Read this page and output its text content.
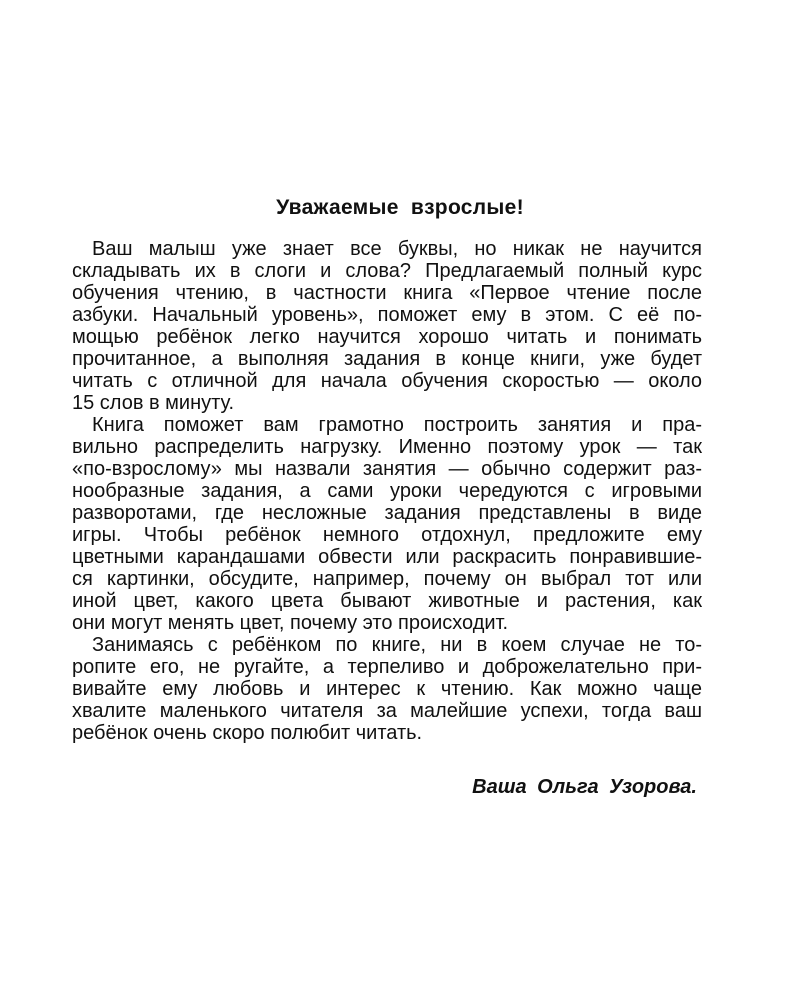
Уважаемые взрослые!
Ваш малыш уже знает все буквы, но никак не научится
складывать их в слоги и слова? Предлагаемый полный курс
обучения чтению, в частности книга «Первое чтение после
азбуки. Начальный уровень», поможет ему в этом. С её по-
мощью ребёнок легко научится хорошо читать и понимать
прочитанное, а выполняя задания в конце книги, уже будет
читать с отличной для начала обучения скоростью — около
15 слов в минуту.
Книга поможет вам грамотно построить занятия и пра-
вильно распределить нагрузку. Именно поэтому урок — так
«по-взрослому» мы назвали занятия — обычно содержит раз-
нообразные задания, а сами уроки чередуются с игровыми
разворотами, где несложные задания представлены в виде
игры. Чтобы ребёнок немного отдохнул, предложите ему
цветными карандашами обвести или раскрасить понравившие-
ся картинки, обсудите, например, почему он выбрал тот или
иной цвет, какого цвета бывают животные и растения, как
они могут менять цвет, почему это происходит.
Занимаясь с ребёнком по книге, ни в коем случае не то-
ропите его, не ругайте, а терпеливо и доброжелательно при-
вивайте ему любовь и интерес к чтению. Как можно чаще
хвалите маленького читателя за малейшие успехи, тогда ваш
ребёнок очень скоро полюбит читать.
Ваша Ольга Узорова.
